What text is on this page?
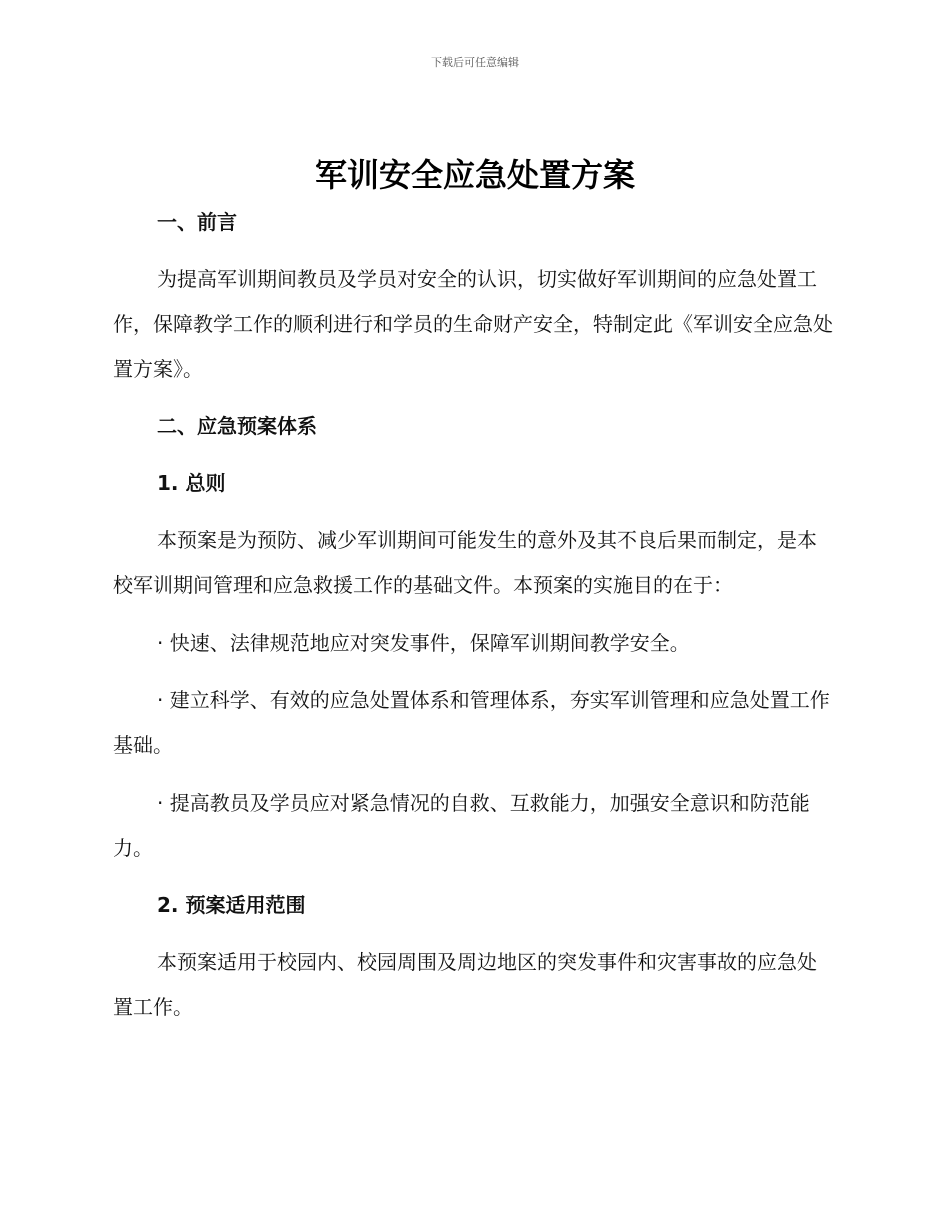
下载后可任意编辑
军训安全应急处置方案

一、前言

为提高军训期间教员及学员对安全的认识，切实做好军训期间的应急处置工作，保障教学工作的顺利进行和学员的生命财产安全，特制定此《军训安全应急处置方案》。

二、应急预案体系

1. 总则

本预案是为预防、减少军训期间可能发生的意外及其不良后果而制定，是本校军训期间管理和应急救援工作的基础文件。本预案的实施目的在于：

· 快速、法律规范地应对突发事件，保障军训期间教学安全。

· 建立科学、有效的应急处置体系和管理体系，夯实军训管理和应急处置工作基础。

· 提高教员及学员应对紧急情况的自救、互救能力，加强安全意识和防范能力。

2. 预案适用范围

本预案适用于校园内、校园周围及周边地区的突发事件和灾害事故的应急处置工作。
